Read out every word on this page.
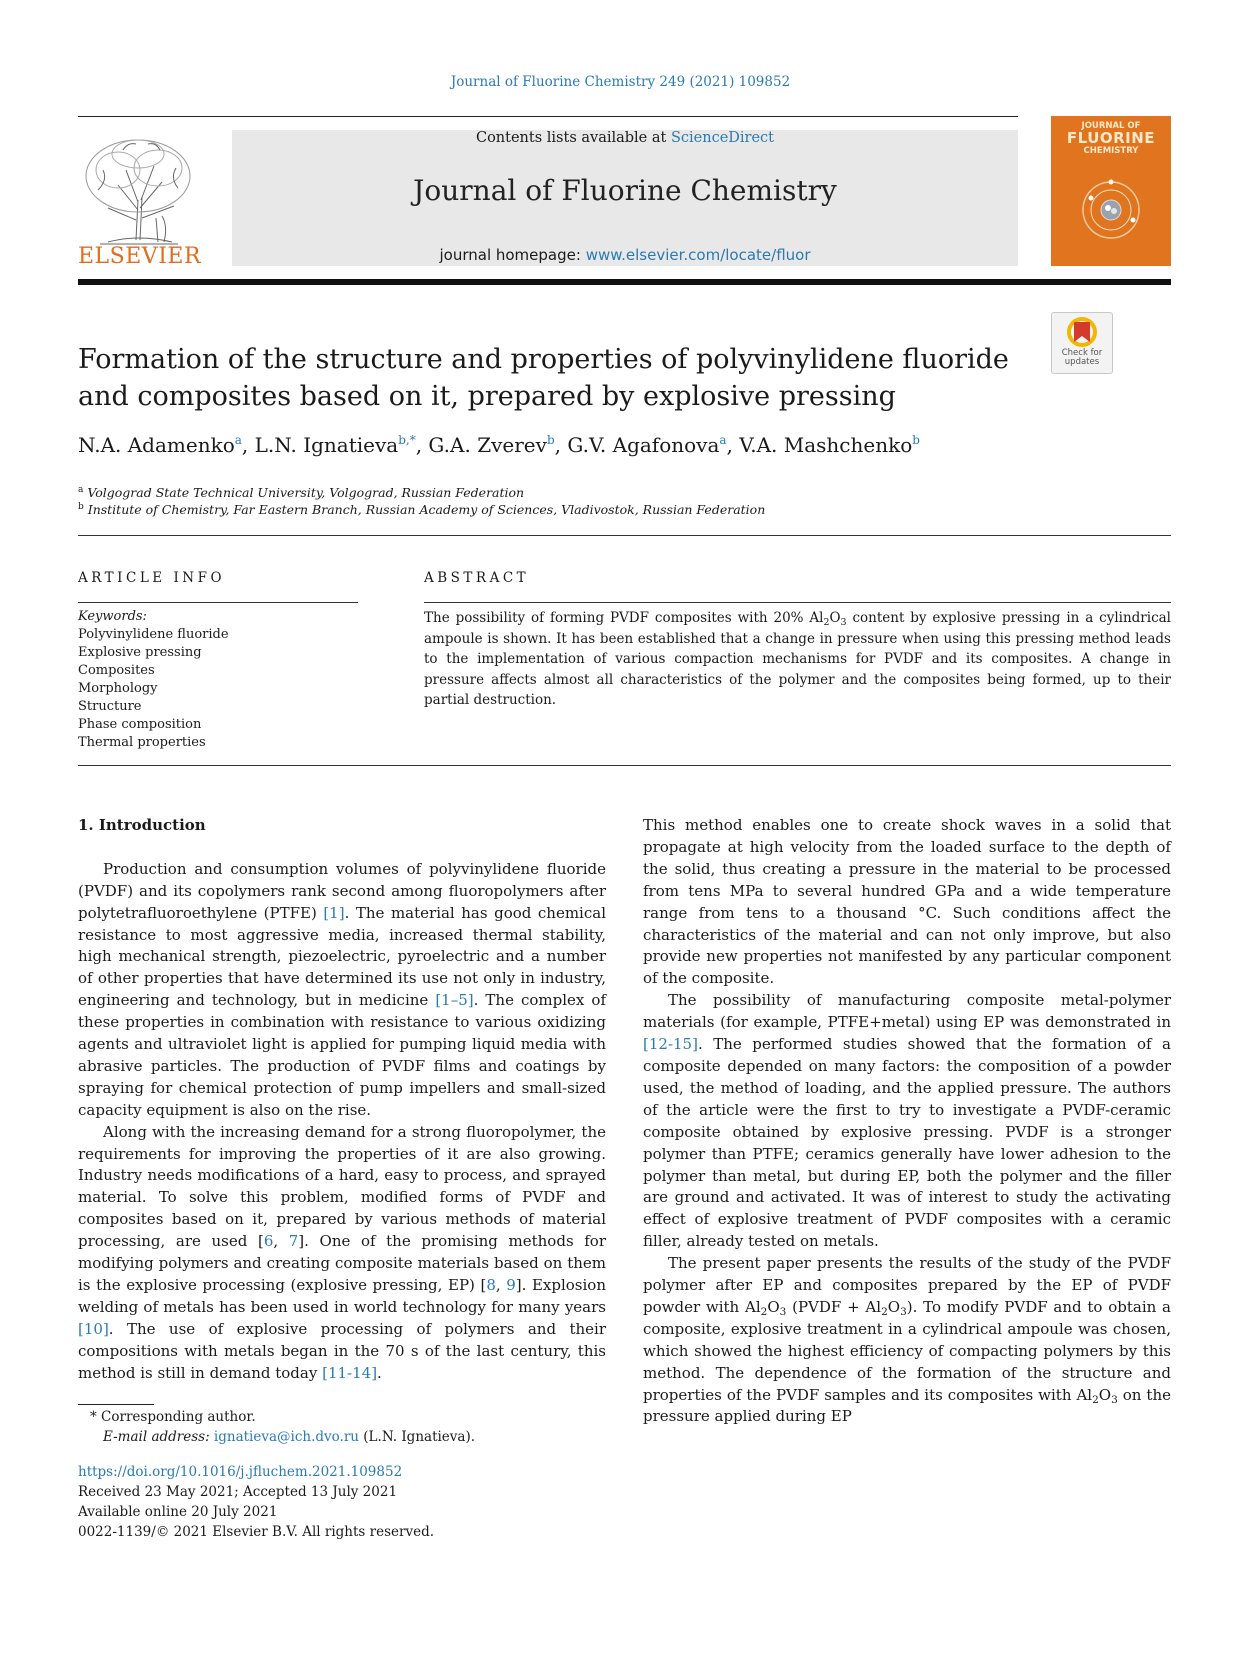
Journal of Fluorine Chemistry 249 (2021) 109852
ELSEVIER
Contents lists available at ScienceDirect
Journal of Fluorine Chemistry
journal homepage: www.elsevier.com/locate/fluor
JOURNAL OF
FLUORINE
CHEMISTRY
Check for updates
Formation of the structure and properties of polyvinylidene fluoride and composites based on it, prepared by explosive pressing
N.A. Adamenko$^a$, L.N. Ignatieva$^{b,*}$, G.A. Zverev$^b$, G.V. Agafonova$^a$, V.A. Mashchenko$^b$
$^a$ Volgograd State Technical University, Volgograd, Russian Federation
$^b$ Institute of Chemistry, Far Eastern Branch, Russian Academy of Sciences, Vladivostok, Russian Federation
ARTICLE INFO	ABSTRACT
Keywords:
Polyvinylidene fluoride
Explosive pressing
Composites
Morphology
Structure
Phase composition
Thermal properties
The possibility of forming PVDF composites with 20% $Al_2O_3$ content by explosive pressing in a cylindrical ampoule is shown. It has been established that a change in pressure when using this pressing method leads to the implementation of various compaction mechanisms for PVDF and its composites. A change in pressure affects almost all characteristics of the polymer and the composites being formed, up to their partial destruction.
1. Introduction

Production and consumption volumes of polyvinylidene fluoride (PVDF) and its copolymers rank second among fluoropolymers after polytetrafluoroethylene (PTFE) [1]. The material has good chemical resistance to most aggressive media, increased thermal stability, high mechanical strength, piezoelectric, pyroelectric and a number of other properties that have determined its use not only in industry, engineering and technology, but in medicine [1–5]. The complex of these properties in combination with resistance to various oxidizing agents and ultraviolet light is applied for pumping liquid media with abrasive particles. The production of PVDF films and coatings by spraying for chemical protection of pump impellers and small-sized capacity equipment is also on the rise.

Along with the increasing demand for a strong fluoropolymer, the requirements for improving the properties of it are also growing. Industry needs modifications of a hard, easy to process, and sprayed material. To solve this problem, modified forms of PVDF and composites based on it, prepared by various methods of material processing, are used [6, 7]. One of the promising methods for modifying polymers and creating composite materials based on them is the explosive processing (explosive pressing, EP) [8, 9]. Explosion welding of metals has been used in world technology for many years [10]. The use of explosive processing of polymers and their compositions with metals began in the 70 s of the last century, this method is still in demand today [11-14].

This method enables one to create shock waves in a solid that propagate at high velocity from the loaded surface to the depth of the solid, thus creating a pressure in the material to be processed from tens MPa to several hundred GPa and a wide temperature range from tens to a thousand °C. Such conditions affect the characteristics of the material and can not only improve, but also provide new properties not manifested by any particular component of the composite.

The possibility of manufacturing composite metal-polymer materials (for example, PTFE+metal) using EP was demonstrated in [12-15]. The performed studies showed that the formation of a composite depended on many factors: the composition of a powder used, the method of loading, and the applied pressure. The authors of the article were the first to try to investigate a PVDF-ceramic composite obtained by explosive pressing. PVDF is a stronger polymer than PTFE; ceramics generally have lower adhesion to the polymer than metal, but during EP, both the polymer and the filler are ground and activated. It was of interest to study the activating effect of explosive treatment of PVDF composites with a ceramic filler, already tested on metals.

The present paper presents the results of the study of the PVDF polymer after EP and composites prepared by the EP of PVDF powder with $Al_2O_3$ (PVDF + $Al_2O_3$). To modify PVDF and to obtain a composite, explosive treatment in a cylindrical ampoule was chosen, which showed the highest efficiency of compacting polymers by this method. The dependence of the formation of the structure and properties of the PVDF samples and its composites with $Al_2O_3$ on the pressure applied during EP

* Corresponding author.
E-mail address: ignatieva@ich.dvo.ru (L.N. Ignatieva).
https://doi.org/10.1016/j.jfluchem.2021.109852
Received 23 May 2021; Accepted 13 July 2021
Available online 20 July 2021
0022-1139/© 2021 Elsevier B.V. All rights reserved.
